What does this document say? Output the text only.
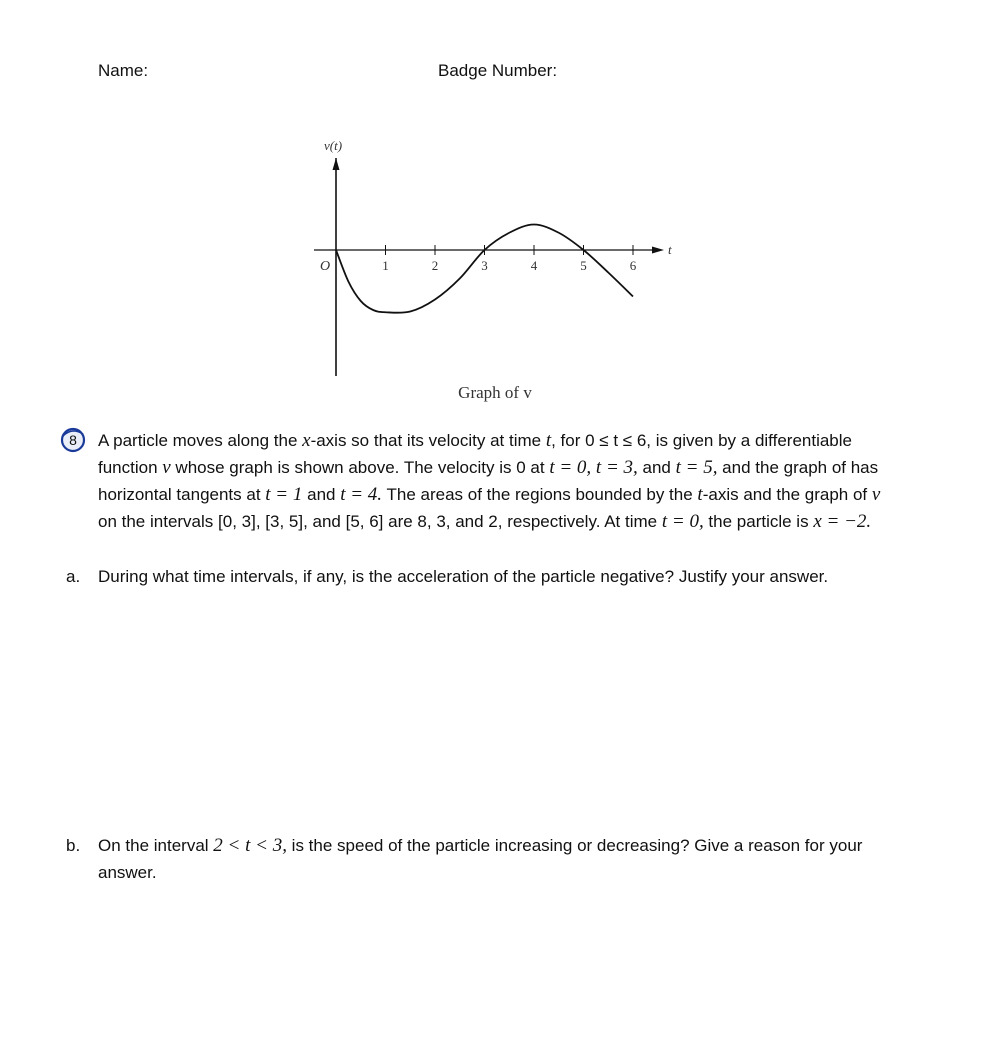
Name:	Badge Number:
v(t)
t
O	1	2	3	4	5	6
Graph of v
8 A particle moves along the x-axis so that its velocity at time t, for 0 ≤ t ≤ 6, is given by a differentiable function v whose graph is shown above. The velocity is 0 at t = 0, t = 3, and t = 5, and the graph of has horizontal tangents at t = 1 and t = 4. The areas of the regions bounded by the t-axis and the graph of v on the intervals [0, 3], [3, 5], and [5, 6] are 8, 3, and 2, respectively. At time t = 0, the particle is x = −2.
a. During what time intervals, if any, is the acceleration of the particle negative? Justify your answer.
b. On the interval 2 < t < 3, is the speed of the particle increasing or decreasing? Give a reason for your answer.
